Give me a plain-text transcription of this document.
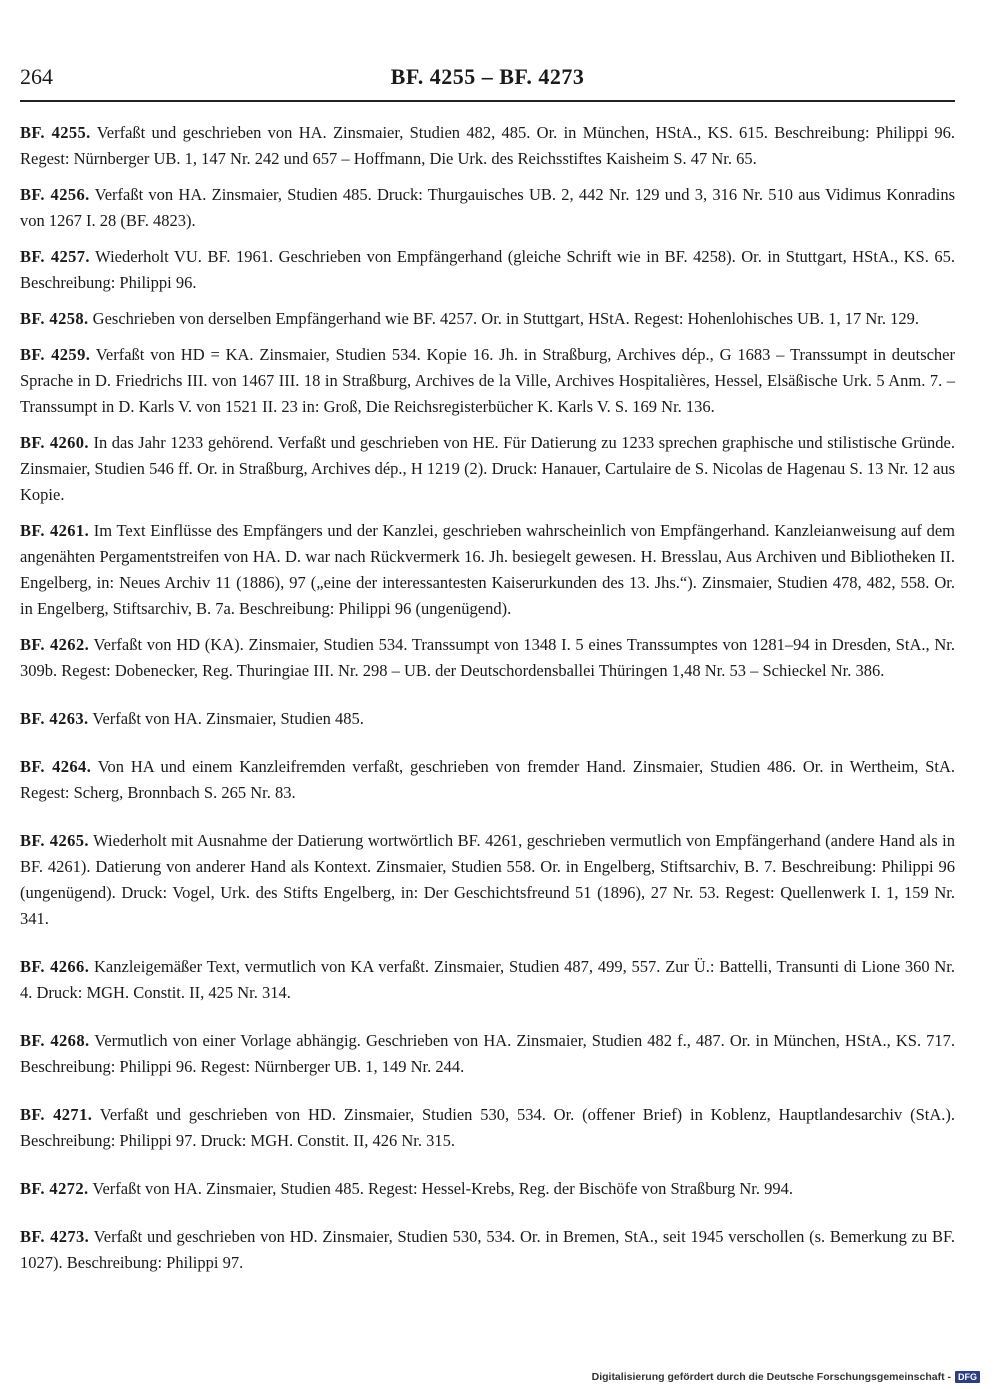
264	BF. 4255 – BF. 4273

BF. 4255. Verfaßt und geschrieben von HA. Zinsmaier, Studien 482, 485. Or. in München, HStA., KS. 615. Beschreibung: Philippi 96. Regest: Nürnberger UB. 1, 147 Nr. 242 und 657 – Hoffmann, Die Urk. des Reichsstiftes Kaisheim S. 47 Nr. 65.

BF. 4256. Verfaßt von HA. Zinsmaier, Studien 485. Druck: Thurgauisches UB. 2, 442 Nr. 129 und 3, 316 Nr. 510 aus Vidimus Konradins von 1267 I. 28 (BF. 4823).

BF. 4257. Wiederholt VU. BF. 1961. Geschrieben von Empfängerhand (gleiche Schrift wie in BF. 4258). Or. in Stuttgart, HStA., KS. 65. Beschreibung: Philippi 96.

BF. 4258. Geschrieben von derselben Empfängerhand wie BF. 4257. Or. in Stuttgart, HStA. Regest: Hohenlohisches UB. 1, 17 Nr. 129.

BF. 4259. Verfaßt von HD = KA. Zinsmaier, Studien 534. Kopie 16. Jh. in Straßburg, Archives dép., G 1683 – Transsumpt in deutscher Sprache in D. Friedrichs III. von 1467 III. 18 in Straßburg, Archives de la Ville, Archives Hospitalières, Hessel, Elsäßische Urk. 5 Anm. 7. – Transsumpt in D. Karls V. von 1521 II. 23 in: Groß, Die Reichsregisterbücher K. Karls V. S. 169 Nr. 136.

BF. 4260. In das Jahr 1233 gehörend. Verfaßt und geschrieben von HE. Für Datierung zu 1233 sprechen graphische und stilistische Gründe. Zinsmaier, Studien 546 ff. Or. in Straßburg, Archives dép., H 1219 (2). Druck: Hanauer, Cartulaire de S. Nicolas de Hagenau S. 13 Nr. 12 aus Kopie.

BF. 4261. Im Text Einflüsse des Empfängers und der Kanzlei, geschrieben wahrscheinlich von Empfängerhand. Kanzleianweisung auf dem angenähten Pergamentstreifen von HA. D. war nach Rückvermerk 16. Jh. besiegelt gewesen. H. Bresslau, Aus Archiven und Bibliotheken II. Engelberg, in: Neues Archiv 11 (1886), 97 („eine der interessantesten Kaiserurkunden des 13. Jhs.“). Zinsmaier, Studien 478, 482, 558. Or. in Engelberg, Stiftsarchiv, B. 7a. Beschreibung: Philippi 96 (ungenügend).

BF. 4262. Verfaßt von HD (KA). Zinsmaier, Studien 534. Transsumpt von 1348 I. 5 eines Transsumptes von 1281–94 in Dresden, StA., Nr. 309b. Regest: Dobenecker, Reg. Thuringiae III. Nr. 298 – UB. der Deutschordensballei Thüringen 1,48 Nr. 53 – Schieckel Nr. 386.

BF. 4263. Verfaßt von HA. Zinsmaier, Studien 485.

BF. 4264. Von HA und einem Kanzleifremden verfaßt, geschrieben von fremder Hand. Zinsmaier, Studien 486. Or. in Wertheim, StA. Regest: Scherg, Bronnbach S. 265 Nr. 83.

BF. 4265. Wiederholt mit Ausnahme der Datierung wortwörtlich BF. 4261, geschrieben vermutlich von Empfängerhand (andere Hand als in BF. 4261). Datierung von anderer Hand als Kontext. Zinsmaier, Studien 558. Or. in Engelberg, Stiftsarchiv, B. 7. Beschreibung: Philippi 96 (ungenügend). Druck: Vogel, Urk. des Stifts Engelberg, in: Der Geschichtsfreund 51 (1896), 27 Nr. 53. Regest: Quellenwerk I. 1, 159 Nr. 341.

BF. 4266. Kanzleigemäßer Text, vermutlich von KA verfaßt. Zinsmaier, Studien 487, 499, 557. Zur Ü.: Battelli, Transunti di Lione 360 Nr. 4. Druck: MGH. Constit. II, 425 Nr. 314.

BF. 4268. Vermutlich von einer Vorlage abhängig. Geschrieben von HA. Zinsmaier, Studien 482 f., 487. Or. in München, HStA., KS. 717. Beschreibung: Philippi 96. Regest: Nürnberger UB. 1, 149 Nr. 244.

BF. 4271. Verfaßt und geschrieben von HD. Zinsmaier, Studien 530, 534. Or. (offener Brief) in Koblenz, Hauptlandesarchiv (StA.). Beschreibung: Philippi 97. Druck: MGH. Constit. II, 426 Nr. 315.

BF. 4272. Verfaßt von HA. Zinsmaier, Studien 485. Regest: Hessel-Krebs, Reg. der Bischöfe von Straßburg Nr. 994.

BF. 4273. Verfaßt und geschrieben von HD. Zinsmaier, Studien 530, 534. Or. in Bremen, StA., seit 1945 verschollen (s. Bemerkung zu BF. 1027). Beschreibung: Philippi 97.

Digitalisierung gefördert durch die Deutsche Forschungsgemeinschaft - DFG
